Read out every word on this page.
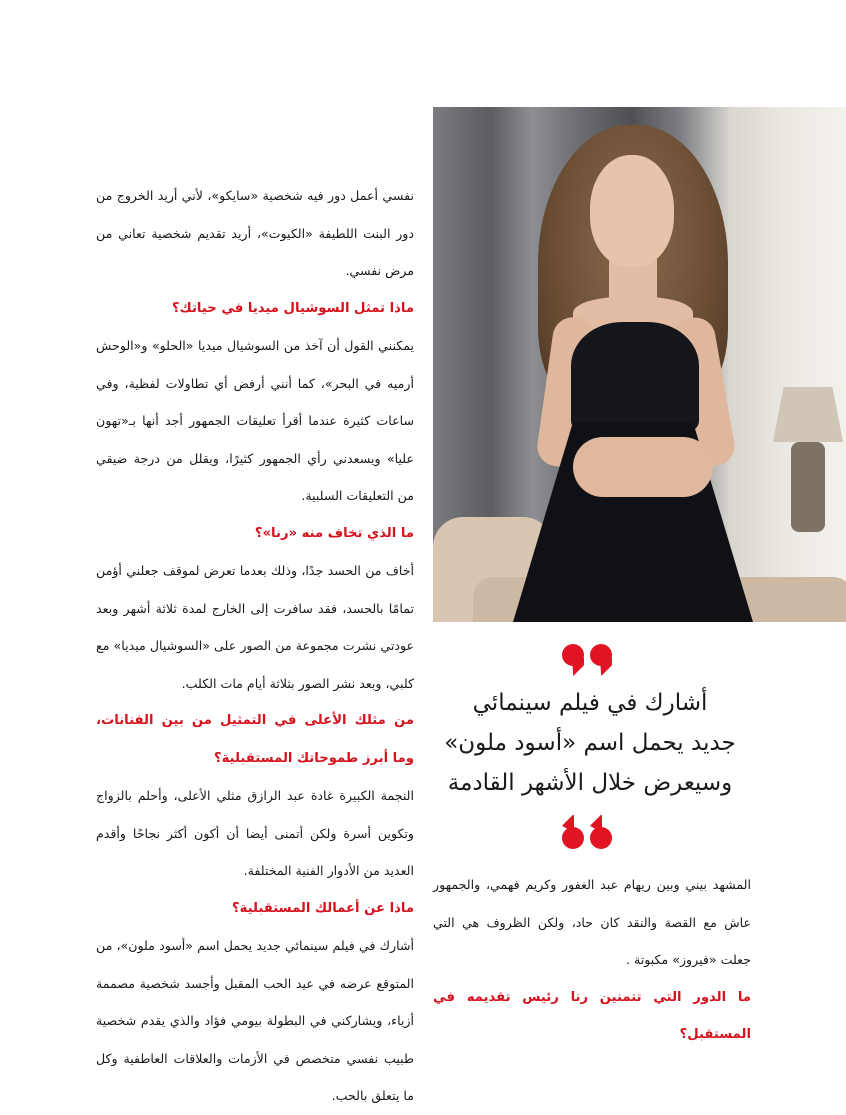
نفسي أعمل دور فيه شخصية «سايكو»، لأني أريد الخروج من دور البنت اللطيفة «الكيوت»، أريد تقديم شخصية تعاني من مرض نفسي.

ماذا تمثل السوشيال ميديا في حياتك؟

يمكنني القول أن آخذ من السوشيال ميديا «الحلو» و«الوحش أرميه في البحر»، كما أنني أرفض أي تطاولات لفظية، وفي ساعات كثيرة عندما أقرأ تعليقات الجمهور أجد أنها بـ«تهون عليا» ويسعدني رأي الجمهور كثيرًا، ويقلل من درجة ضيقي من التعليقات السلبية.

ما الذي تخاف منه «رنا»؟

أخاف من الحسد جدًا، وذلك بعدما تعرض لموقف جعلني أؤمن تمامًا بالحسد، فقد سافرت إلى الخارج لمدة ثلاثة أشهر وبعد عودتي نشرت مجموعة من الصور على «السوشيال ميديا» مع كلبي، وبعد نشر الصور بثلاثة أيام مات الكلب.

من مثلك الأعلى في التمثيل من بين الفنانات، وما أبرز طموحاتك المستقبلية؟

النجمة الكبيرة غادة عبد الرازق مثلي الأعلى، وأحلم بالزواج وتكوين أسرة ولكن أتمنى أيضا أن أكون أكثر نجاحًا وأقدم العديد من الأدوار الفنية المختلفة.

ماذا عن أعمالك المستقبلية؟

أشارك في فيلم سينمائي جديد يحمل اسم «أسود ملون»، من المتوقع عرضه في عيد الحب المقبل وأجسد شخصية مصممة أزياء، ويشاركني في البطولة بيومي فؤاد والذي يقدم شخصية طبيب نفسي متخصص في الأزمات والعلاقات العاطفية وكل ما يتعلق بالحب.

أشارك في فيلم سينمائي
جديد يحمل اسم «أسود ملون»
وسيعرض خلال الأشهر القادمة

المشهد بيني وبين ريهام عبد الغفور وكريم فهمي، والجمهور عاش مع القصة والنقد كان حاد، ولكن الظروف هي التي جعلت «فيروز» مكبوتة .

ما الدور التي تتمنين رنا رئيس تقديمه في المستقبل؟
